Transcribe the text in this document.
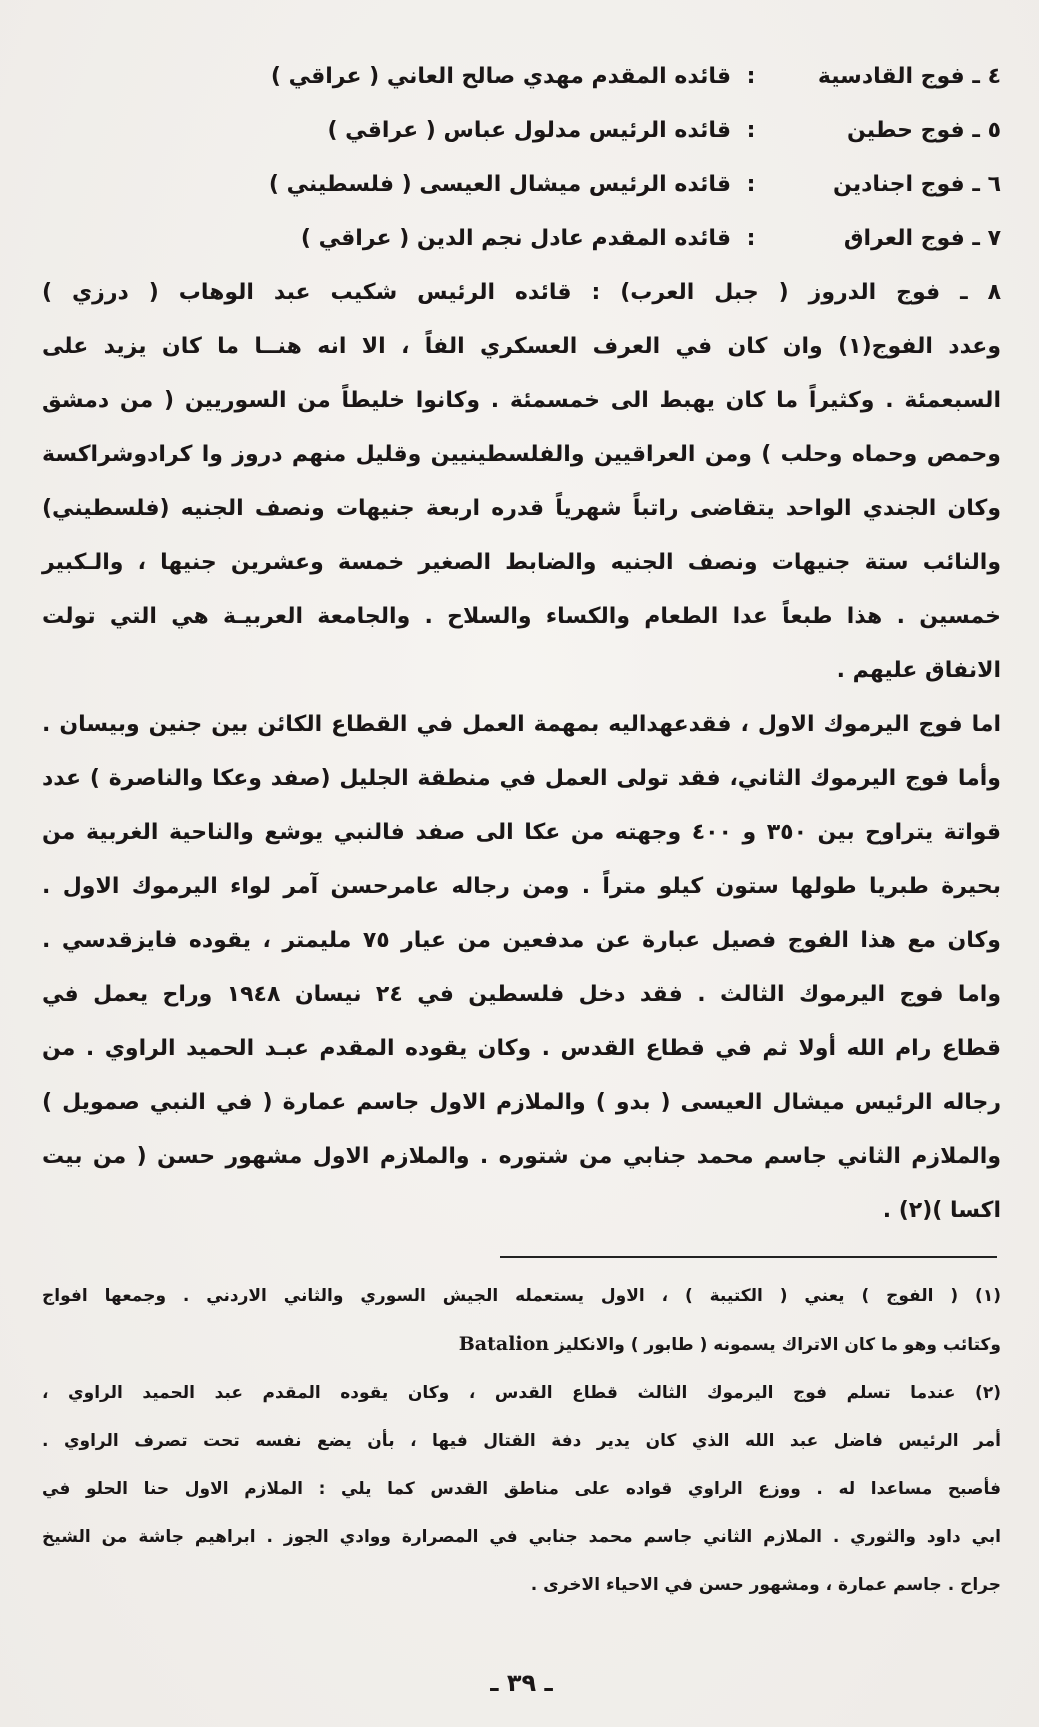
٤ ـ فوج القادسية
:
قائده المقدم مهدي صالح العاني ( عراقي )
٥ ـ فوج حطين
:
قائده الرئيس مدلول عباس ( عراقي )
٦ ـ فوج اجنادين
:
قائده الرئيس ميشال العيسى ( فلسطيني )
٧ ـ فوج العراق
:
قائده المقدم عادل نجم الدين ( عراقي )
٨ ـ فوج الدروز ( جبل العرب) : قائده الرئيس شكيب عبد الوهاب ( درزي )
وعدد الفوج(١) وان كان في العرف العسكري الفاً ، الا انه هنــا ما كان يزيد على
السبعمئة . وكثيراً ما كان يهبط الى خمسمئة . وكانوا خليطاً من السوريين ( من دمشق
وحمص وحماه وحلب ) ومن العراقيين والفلسطينيين وقليل منهم دروز وا كرادوشراكسة
وكان الجندي الواحد يتقاضى راتباً شهرياً قدره اربعة جنيهات ونصف الجنيه (فلسطيني)
والنائب ستة جنيهات ونصف الجنيه والضابط الصغير خمسة وعشرين جنيها ، والـكبير
خمسين . هذا طبعاً عدا الطعام والكساء والسلاح . والجامعة العربيـة هي التي تولت
الانفاق عليهم .
اما فوج اليرموك الاول ، فقدعهداليه بمهمة العمل في القطاع الكائن بين جنين وبيسان .
وأما فوج اليرموك الثاني، فقد تولى العمل في منطقة الجليل (صفد وعكا والناصرة ) عدد
قواتة يتراوح بين ٣٥٠ و ٤٠٠ وجهته من عكا الى صفد فالنبي يوشع والناحية الغربية من
بحيرة طبريا طولها ستون كيلو متراً . ومن رجاله عامرحسن آمر لواء اليرموك الاول .
وكان مع هذا الفوج فصيل عبارة عن مدفعين من عيار ٧٥ مليمتر ، يقوده فايزقدسي .
واما فوج اليرموك الثالث . فقد دخل فلسطين في ٢٤ نيسان ١٩٤٨ وراح يعمل في
قطاع رام الله أولا ثم في قطاع القدس . وكان يقوده المقدم عبـد الحميد الراوي . من
رجاله الرئيس ميشال العيسى ( بدو ) والملازم الاول جاسم عمارة ( في النبي صمويل )
والملازم الثاني جاسم محمد جنابي من شتوره . والملازم الاول مشهور حسن ( من بيت
اكسا )(٢) .
(١) ( الفوج ) يعني ( الكتيبة ) ، الاول يستعمله الجيش السوري والثاني الاردني . وجمعها افواج
وكتائب وهو ما كان الاتراك يسمونه ( طابور ) والانكليز Batalion
(٢) عندما تسلم فوج اليرموك الثالث قطاع القدس ، وكان يقوده المقدم عبد الحميد الراوي ،
أمر الرئيس فاضل عبد الله الذي كان يدير دفة القتال فيها ، بأن يضع نفسه تحت تصرف الراوي .
فأصبح مساعدا له . ووزع الراوي قواده على مناطق القدس كما يلي : الملازم الاول حنا الحلو في
ابي داود والثوري . الملازم الثاني جاسم محمد جنابي في المصرارة ووادي الجوز . ابراهيم جاشة من الشيخ
جراح . جاسم عمارة ، ومشهور حسن في الاحياء الاخرى .
ـ ٣٩ ـ
